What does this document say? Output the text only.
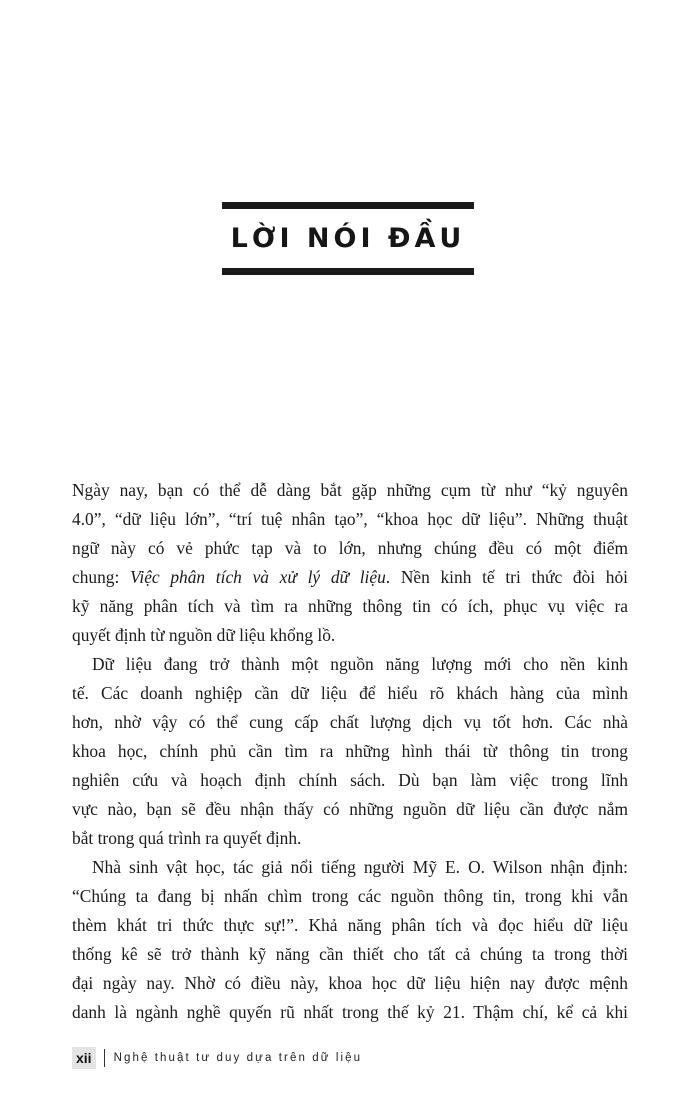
LỜI NÓI ĐẦU
Ngày nay, bạn có thể dễ dàng bắt gặp những cụm từ như “kỷ nguyên
4.0”, “dữ liệu lớn”, “trí tuệ nhân tạo”, “khoa học dữ liệu”. Những thuật
ngữ này có vẻ phức tạp và to lớn, nhưng chúng đều có một điểm
chung: Việc phân tích và xử lý dữ liệu. Nền kinh tế tri thức đòi hỏi
kỹ năng phân tích và tìm ra những thông tin có ích, phục vụ việc ra
quyết định từ nguồn dữ liệu khổng lồ.
Dữ liệu đang trở thành một nguồn năng lượng mới cho nền kinh
tế. Các doanh nghiệp cần dữ liệu để hiểu rõ khách hàng của mình
hơn, nhờ vậy có thể cung cấp chất lượng dịch vụ tốt hơn. Các nhà
khoa học, chính phủ cần tìm ra những hình thái từ thông tin trong
nghiên cứu và hoạch định chính sách. Dù bạn làm việc trong lĩnh
vực nào, bạn sẽ đều nhận thấy có những nguồn dữ liệu cần được nắm
bắt trong quá trình ra quyết định.
Nhà sinh vật học, tác giả nổi tiếng người Mỹ E. O. Wilson nhận định:
“Chúng ta đang bị nhấn chìm trong các nguồn thông tin, trong khi vẫn
thèm khát tri thức thực sự!”. Khả năng phân tích và đọc hiểu dữ liệu
thống kê sẽ trở thành kỹ năng cần thiết cho tất cả chúng ta trong thời
đại ngày nay. Nhờ có điều này, khoa học dữ liệu hiện nay được mệnh
danh là ngành nghề quyến rũ nhất trong thế kỷ 21. Thậm chí, kể cả khi
xii	Nghệ thuật tư duy dựa trên dữ liệu
